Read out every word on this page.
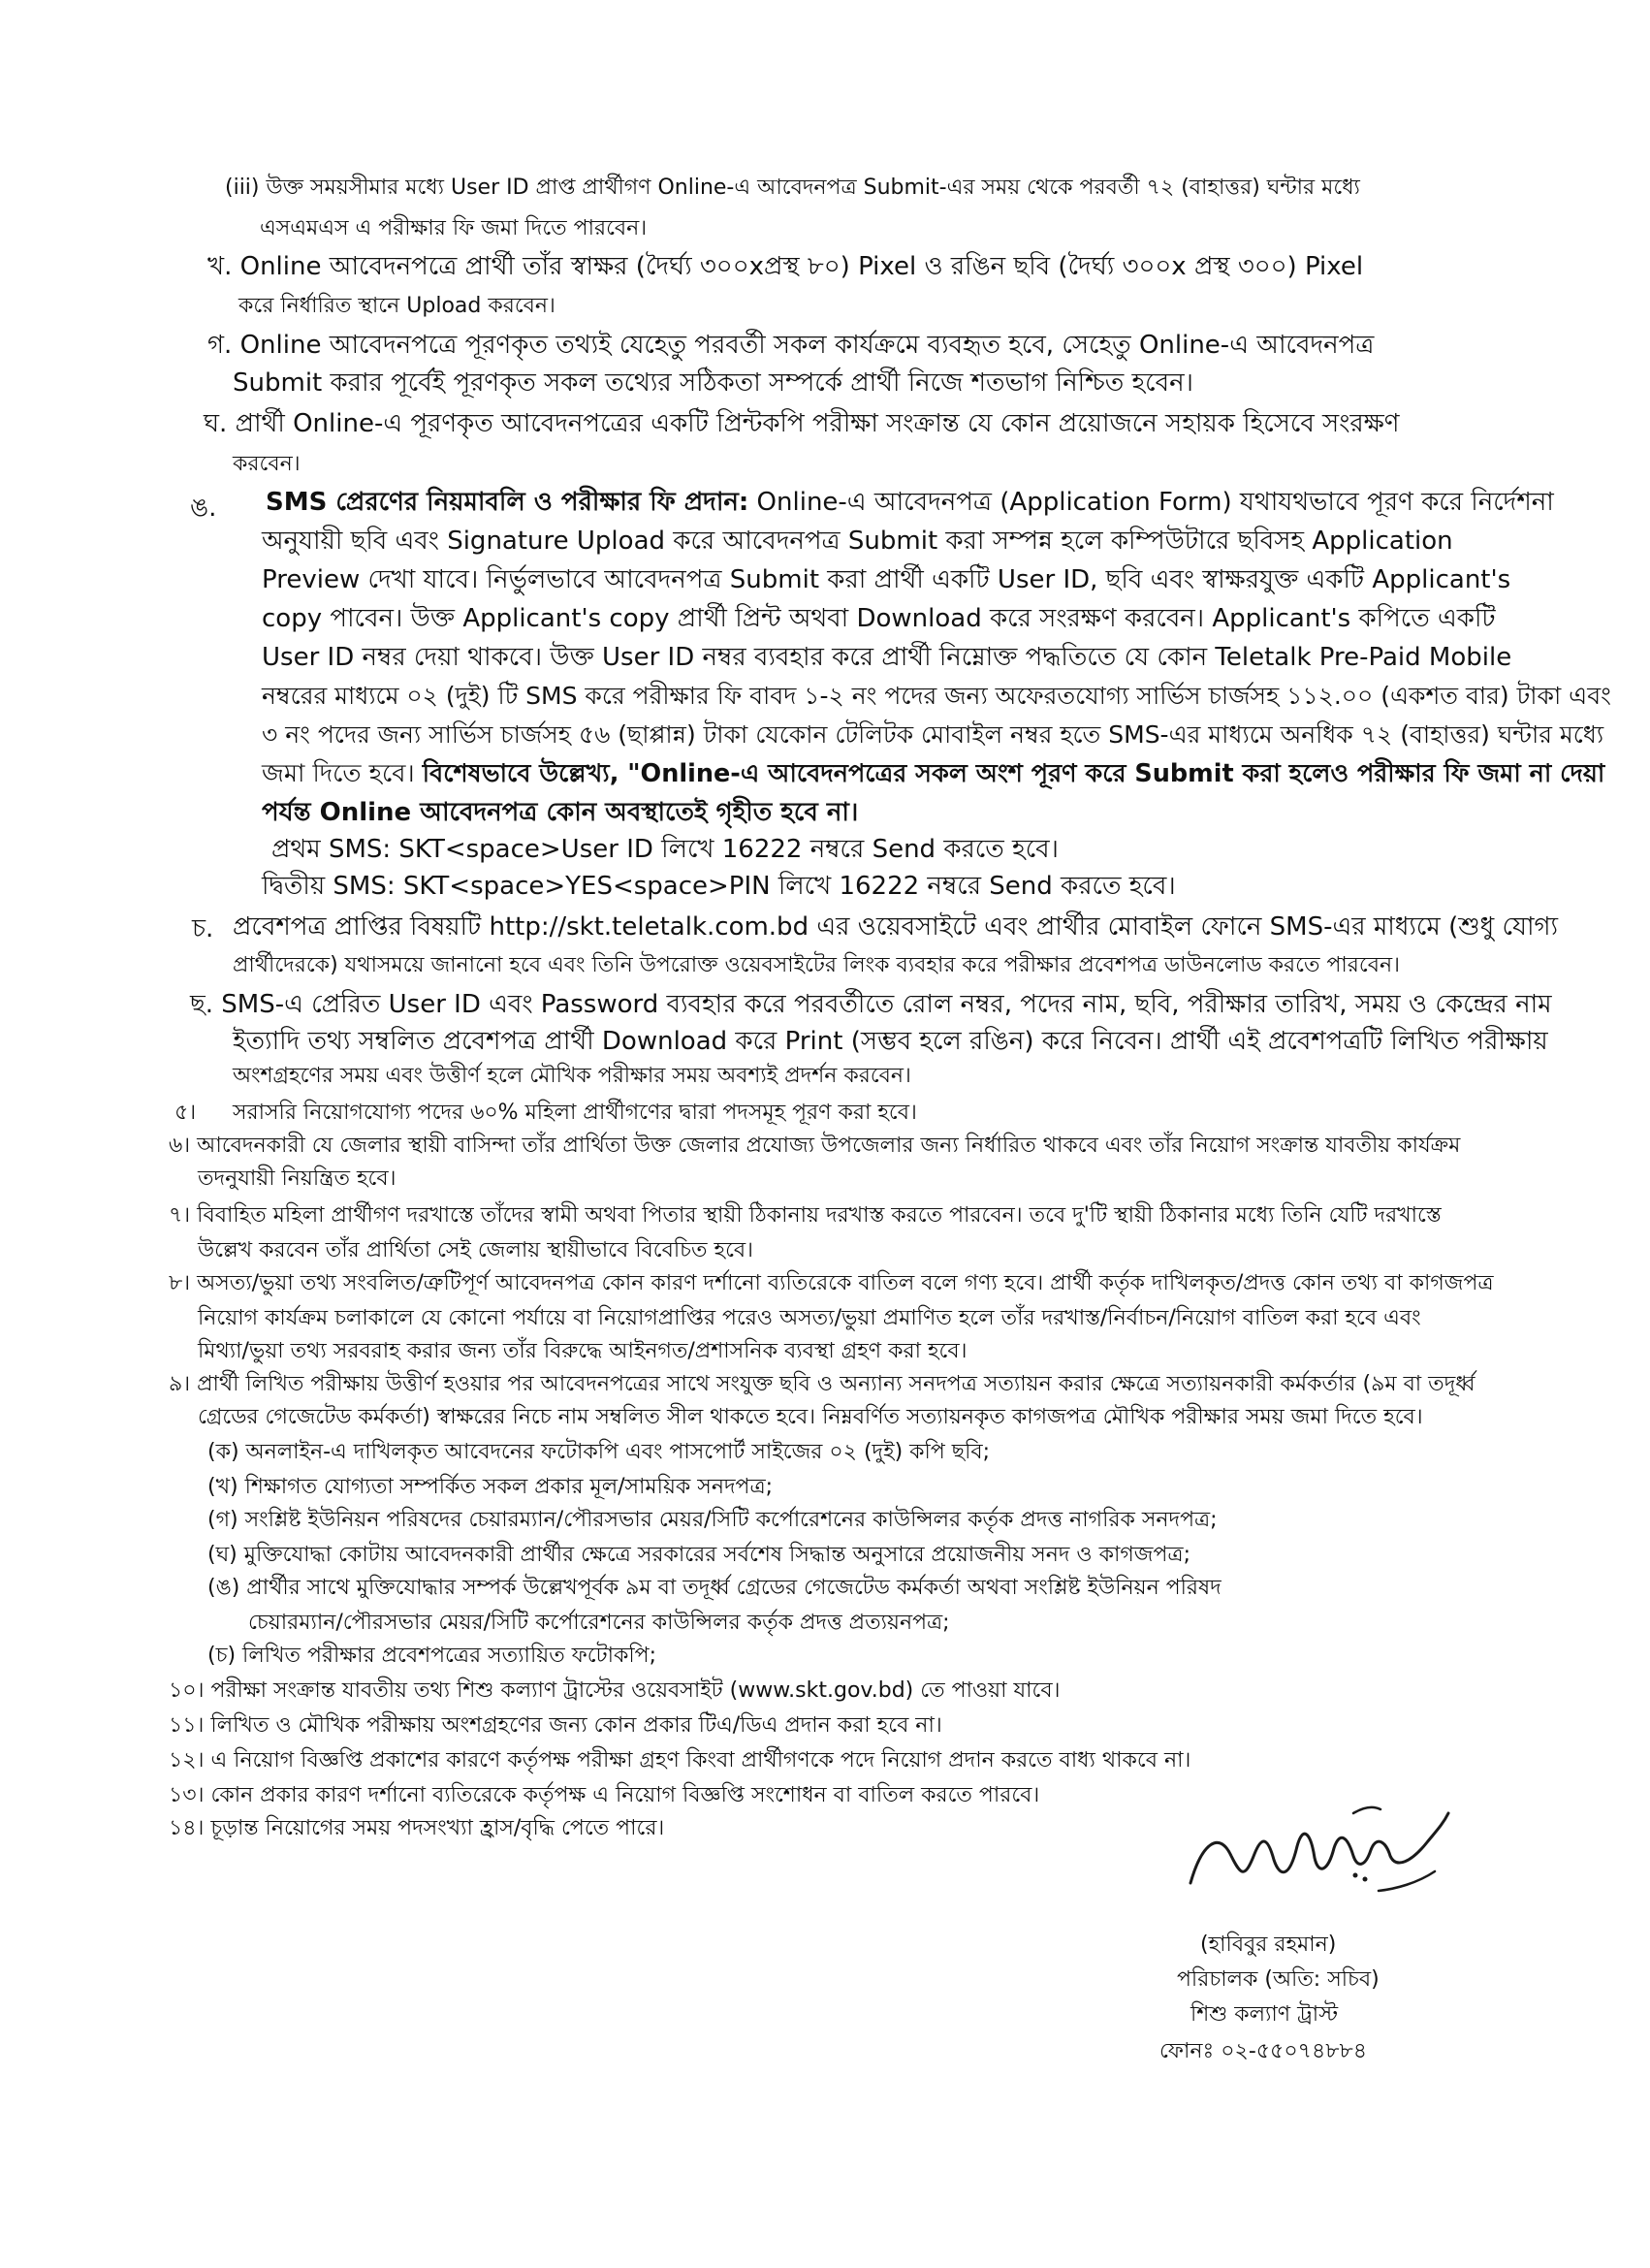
(iii) উক্ত সময়সীমার মধ্যে User ID প্রাপ্ত প্রার্থীগণ Online-এ আবেদনপত্র Submit-এর সময় থেকে পরবর্তী ৭২ (বাহাত্তর) ঘন্টার মধ্যে
এসএমএস এ পরীক্ষার ফি জমা দিতে পারবেন।
খ. Online আবেদনপত্রে প্রার্থী তাঁর স্বাক্ষর (দৈর্ঘ্য ৩০০xপ্রস্থ ৮০) Pixel ও রঙিন ছবি (দৈর্ঘ্য ৩০০x প্রস্থ ৩০০) Pixel
করে নির্ধারিত স্থানে Upload করবেন।
গ. Online আবেদনপত্রে পূরণকৃত তথ্যই যেহেতু পরবর্তী সকল কার্যক্রমে ব্যবহৃত হবে, সেহেতু Online-এ আবেদনপত্র
Submit করার পূর্বেই পূরণকৃত সকল তথ্যের সঠিকতা সম্পর্কে প্রার্থী নিজে শতভাগ নিশ্চিত হবেন।
ঘ. প্রার্থী Online-এ পূরণকৃত আবেদনপত্রের একটি প্রিন্টকপি পরীক্ষা সংক্রান্ত যে কোন প্রয়োজনে সহায়ক হিসেবে সংরক্ষণ
করবেন।
ঙ. SMS প্রেরণের নিয়মাবলি ও পরীক্ষার ফি প্রদান: Online-এ আবেদনপত্র (Application Form) যথাযথভাবে পূরণ করে নির্দেশনা
অনুযায়ী ছবি এবং Signature Upload করে আবেদনপত্র Submit করা সম্পন্ন হলে কম্পিউটারে ছবিসহ Application
Preview দেখা যাবে। নির্ভুলভাবে আবেদনপত্র Submit করা প্রার্থী একটি User ID, ছবি এবং স্বাক্ষরযুক্ত একটি Applicant's
copy পাবেন। উক্ত Applicant's copy প্রার্থী প্রিন্ট অথবা Download করে সংরক্ষণ করবেন। Applicant's কপিতে একটি
User ID নম্বর দেয়া থাকবে। উক্ত User ID নম্বর ব্যবহার করে প্রার্থী নিম্নোক্ত পদ্ধতিতে যে কোন Teletalk Pre-Paid Mobile
নম্বরের মাধ্যমে ০২ (দুই) টি SMS করে পরীক্ষার ফি বাবদ ১-২ নং পদের জন্য অফেরতযোগ্য সার্ভিস চার্জসহ ১১২.০০ (একশত বার) টাকা এবং
৩ নং পদের জন্য সার্ভিস চার্জসহ ৫৬ (ছাপ্পান্ন) টাকা যেকোন টেলিটক মোবাইল নম্বর হতে SMS-এর মাধ্যমে অনধিক ৭২ (বাহাত্তর) ঘন্টার মধ্যে
জমা দিতে হবে। বিশেষভাবে উল্লেখ্য, "Online-এ আবেদনপত্রের সকল অংশ পূরণ করে Submit করা হলেও পরীক্ষার ফি জমা না দেয়া
পর্যন্ত Online আবেদনপত্র কোন অবস্থাতেই গৃহীত হবে না।
প্রথম SMS: SKT<space>User ID লিখে 16222 নম্বরে Send করতে হবে।
দ্বিতীয় SMS: SKT<space>YES<space>PIN লিখে 16222 নম্বরে Send করতে হবে।
চ. প্রবেশপত্র প্রাপ্তির বিষয়টি http://skt.teletalk.com.bd এর ওয়েবসাইটে এবং প্রার্থীর মোবাইল ফোনে SMS-এর মাধ্যমে (শুধু যোগ্য
প্রার্থীদেরকে) যথাসময়ে জানানো হবে এবং তিনি উপরোক্ত ওয়েবসাইটের লিংক ব্যবহার করে পরীক্ষার প্রবেশপত্র ডাউনলোড করতে পারবেন।
ছ. SMS-এ প্রেরিত User ID এবং Password ব্যবহার করে পরবর্তীতে রোল নম্বর, পদের নাম, ছবি, পরীক্ষার তারিখ, সময় ও কেন্দ্রের নাম
ইত্যাদি তথ্য সম্বলিত প্রবেশপত্র প্রার্থী Download করে Print (সম্ভব হলে রঙিন) করে নিবেন। প্রার্থী এই প্রবেশপত্রটি লিখিত পরীক্ষায়
অংশগ্রহণের সময় এবং উত্তীর্ণ হলে মৌখিক পরীক্ষার সময় অবশ্যই প্রদর্শন করবেন।
৫। সরাসরি নিয়োগযোগ্য পদের ৬০% মহিলা প্রার্থীগণের দ্বারা পদসমূহ পূরণ করা হবে।
৬। আবেদনকারী যে জেলার স্থায়ী বাসিন্দা তাঁর প্রার্থিতা উক্ত জেলার প্রযোজ্য উপজেলার জন্য নির্ধারিত থাকবে এবং তাঁর নিয়োগ সংক্রান্ত যাবতীয় কার্যক্রম
তদনুযায়ী নিয়ন্ত্রিত হবে।
৭। বিবাহিত মহিলা প্রার্থীগণ দরখাস্তে তাঁদের স্বামী অথবা পিতার স্থায়ী ঠিকানায় দরখাস্ত করতে পারবেন। তবে দু'টি স্থায়ী ঠিকানার মধ্যে তিনি যেটি দরখাস্তে
উল্লেখ করবেন তাঁর প্রার্থিতা সেই জেলায় স্থায়ীভাবে বিবেচিত হবে।
৮। অসত্য/ভুয়া তথ্য সংবলিত/ত্রুটিপূর্ণ আবেদনপত্র কোন কারণ দর্শানো ব্যতিরেকে বাতিল বলে গণ্য হবে। প্রার্থী কর্তৃক দাখিলকৃত/প্রদত্ত কোন তথ্য বা কাগজপত্র
নিয়োগ কার্যক্রম চলাকালে যে কোনো পর্যায়ে বা নিয়োগপ্রাপ্তির পরেও অসত্য/ভুয়া প্রমাণিত হলে তাঁর দরখাস্ত/নির্বাচন/নিয়োগ বাতিল করা হবে এবং
মিথ্যা/ভুয়া তথ্য সরবরাহ করার জন্য তাঁর বিরুদ্ধে আইনগত/প্রশাসনিক ব্যবস্থা গ্রহণ করা হবে।
৯। প্রার্থী লিখিত পরীক্ষায় উত্তীর্ণ হওয়ার পর আবেদনপত্রের সাথে সংযুক্ত ছবি ও অন্যান্য সনদপত্র সত্যায়ন করার ক্ষেত্রে সত্যায়নকারী কর্মকর্তার (৯ম বা তদূর্ধ্ব
গ্রেডের গেজেটেড কর্মকর্তা) স্বাক্ষরের নিচে নাম সম্বলিত সীল থাকতে হবে। নিম্নবর্ণিত সত্যায়নকৃত কাগজপত্র মৌখিক পরীক্ষার সময় জমা দিতে হবে।
(ক) অনলাইন-এ দাখিলকৃত আবেদনের ফটোকপি এবং পাসপোর্ট সাইজের ০২ (দুই) কপি ছবি;
(খ) শিক্ষাগত যোগ্যতা সম্পর্কিত সকল প্রকার মূল/সাময়িক সনদপত্র;
(গ) সংশ্লিষ্ট ইউনিয়ন পরিষদের চেয়ারম্যান/পৌরসভার মেয়র/সিটি কর্পোরেশনের কাউন্সিলর কর্তৃক প্রদত্ত নাগরিক সনদপত্র;
(ঘ) মুক্তিযোদ্ধা কোটায় আবেদনকারী প্রার্থীর ক্ষেত্রে সরকারের সর্বশেষ সিদ্ধান্ত অনুসারে প্রয়োজনীয় সনদ ও কাগজপত্র;
(ঙ) প্রার্থীর সাথে মুক্তিযোদ্ধার সম্পর্ক উল্লেখপূর্বক ৯ম বা তদূর্ধ্ব গ্রেডের গেজেটেড কর্মকর্তা অথবা সংশ্লিষ্ট ইউনিয়ন পরিষদ
চেয়ারম্যান/পৌরসভার মেয়র/সিটি কর্পোরেশনের কাউন্সিলর কর্তৃক প্রদত্ত প্রত্যয়নপত্র;
(চ) লিখিত পরীক্ষার প্রবেশপত্রের সত্যায়িত ফটোকপি;
১০। পরীক্ষা সংক্রান্ত যাবতীয় তথ্য শিশু কল্যাণ ট্রাস্টের ওয়েবসাইট (www.skt.gov.bd) তে পাওয়া যাবে।
১১। লিখিত ও মৌখিক পরীক্ষায় অংশগ্রহণের জন্য কোন প্রকার টিএ/ডিএ প্রদান করা হবে না।
১২। এ নিয়োগ বিজ্ঞপ্তি প্রকাশের কারণে কর্তৃপক্ষ পরীক্ষা গ্রহণ কিংবা প্রার্থীগণকে পদে নিয়োগ প্রদান করতে বাধ্য থাকবে না।
১৩। কোন প্রকার কারণ দর্শানো ব্যতিরেকে কর্তৃপক্ষ এ নিয়োগ বিজ্ঞপ্তি সংশোধন বা বাতিল করতে পারবে।
১৪। চূড়ান্ত নিয়োগের সময় পদসংখ্যা হ্রাস/বৃদ্ধি পেতে পারে।
(হাবিবুর রহমান)
পরিচালক (অতি: সচিব)
শিশু কল্যাণ ট্রাস্ট
ফোনঃ ০২-৫৫০৭৪৮৮৪
